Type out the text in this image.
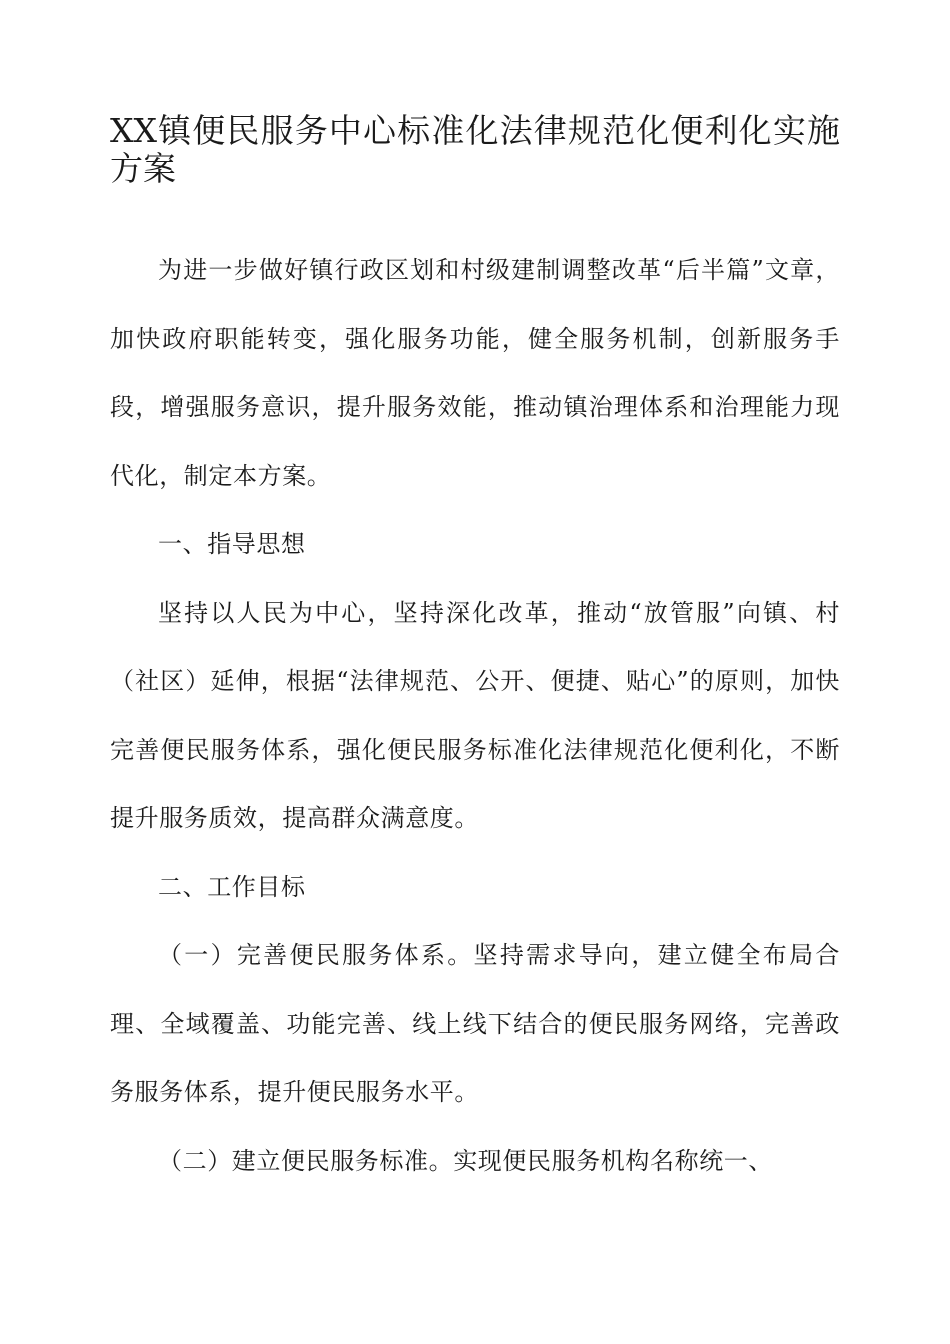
XX镇便民服务中心标准化法律规范化便利化实施方案

为进一步做好镇行政区划和村级建制调整改革“后半篇”文章，加快政府职能转变，强化服务功能，健全服务机制，创新服务手段，增强服务意识，提升服务效能，推动镇治理体系和治理能力现代化，制定本方案。

一、指导思想

坚持以人民为中心，坚持深化改革，推动“放管服”向镇、村（社区）延伸，根据“法律规范、公开、便捷、贴心”的原则，加快完善便民服务体系，强化便民服务标准化法律规范化便利化，不断提升服务质效，提高群众满意度。

二、工作目标

（一）完善便民服务体系。坚持需求导向，建立健全布局合理、全域覆盖、功能完善、线上线下结合的便民服务网络，完善政务服务体系，提升便民服务水平。

（二）建立便民服务标准。实现便民服务机构名称统一、
